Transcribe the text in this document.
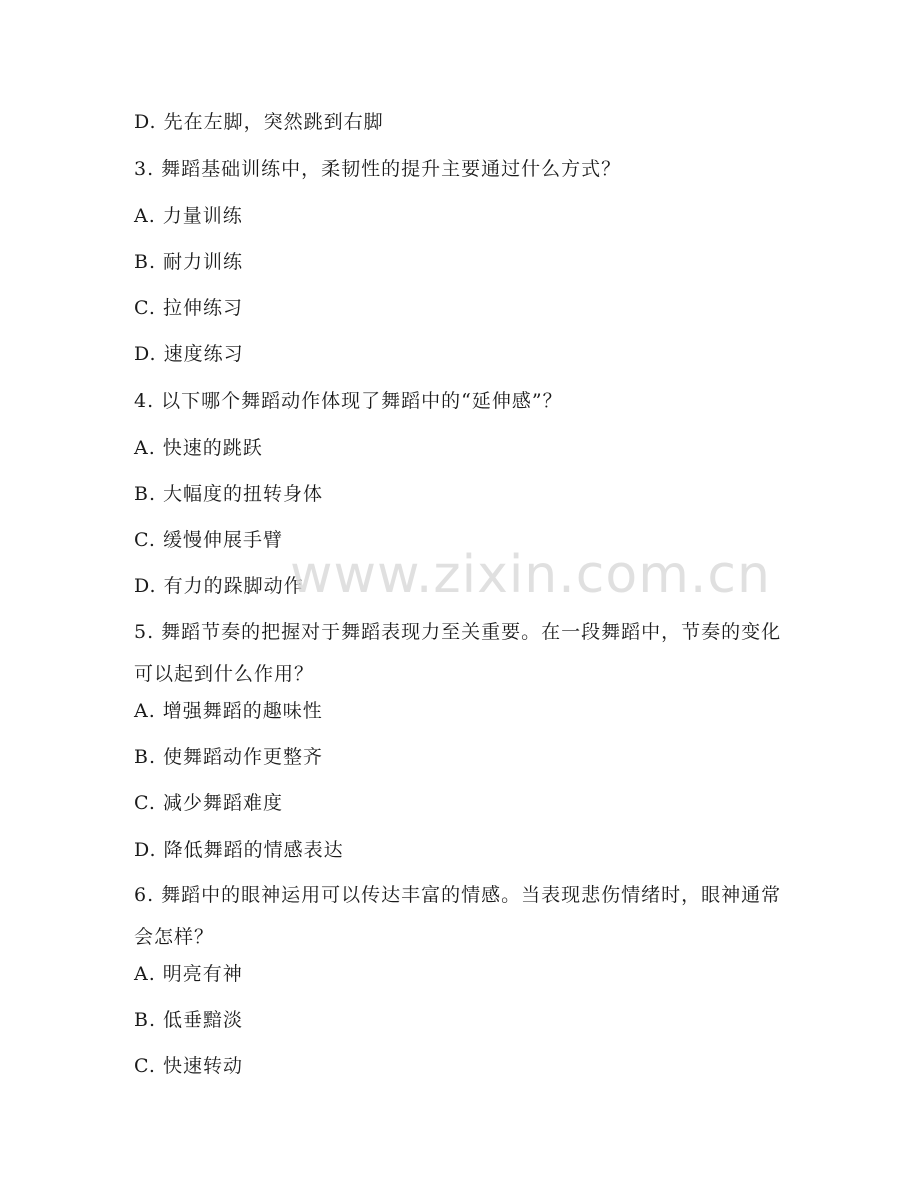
D. 先在左脚，突然跳到右脚
3. 舞蹈基础训练中，柔韧性的提升主要通过什么方式？
A. 力量训练
B. 耐力训练
C. 拉伸练习
D. 速度练习
4. 以下哪个舞蹈动作体现了舞蹈中的“延伸感”？
A. 快速的跳跃
B. 大幅度的扭转身体
C. 缓慢伸展手臂
D. 有力的跺脚动作
5. 舞蹈节奏的把握对于舞蹈表现力至关重要。在一段舞蹈中，节奏的变化可以起到什么作用？
A. 增强舞蹈的趣味性
B. 使舞蹈动作更整齐
C. 减少舞蹈难度
D. 降低舞蹈的情感表达
6. 舞蹈中的眼神运用可以传达丰富的情感。当表现悲伤情绪时，眼神通常会怎样？
A. 明亮有神
B. 低垂黯淡
C. 快速转动
www.zixin.com.cn
